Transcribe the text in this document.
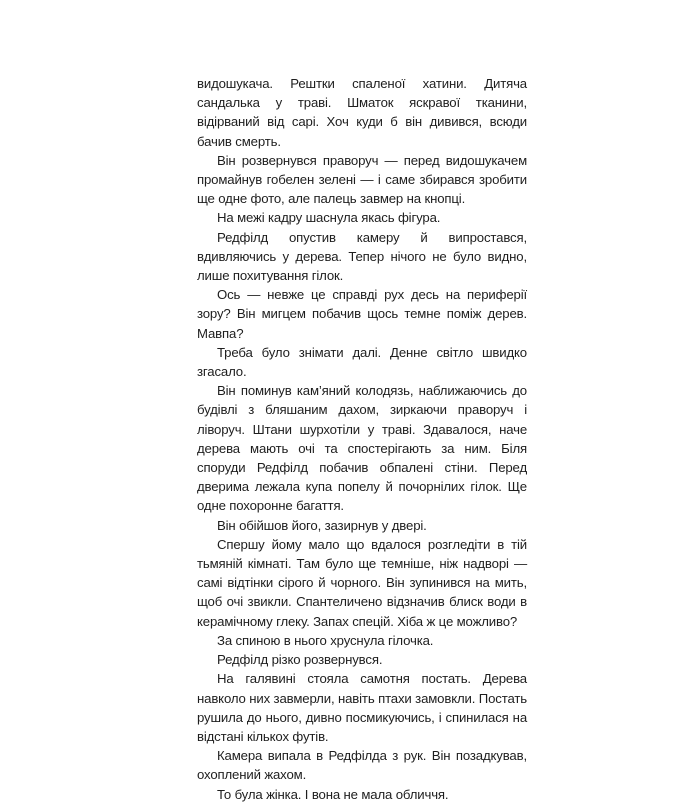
видошукача. Рештки спаленої хатини. Дитяча сандалька у траві. Шматок яскравої тканини, відірваний від сарі. Хоч куди б він дивився, всюди бачив смерть.

Він розвернувся праворуч — перед видошукачем промайнув гобелен зелені — і саме збирався зробити ще одне фото, але палець завмер на кнопці.

На межі кадру шаснула якась фігура.

Редфілд опустив камеру й випростався, вдивляючись у дерева. Тепер нічого не було видно, лише похитування гілок.

Ось — невже це справді рух десь на периферії зору? Він мигцем побачив щось темне поміж дерев. Мавпа?

Треба було знімати далі. Денне світло швидко згасало.

Він поминув кам’яний колодязь, наближаючись до будівлі з бляшаним дахом, зиркаючи праворуч і ліворуч. Штани шурхотіли у траві. Здавалося, наче дерева мають очі та спостерігають за ним. Біля споруди Редфілд побачив обпалені стіни. Перед дверима лежала купа попелу й почорнілих гілок. Ще одне похоронне багаття.

Він обійшов його, зазирнув у двері.

Спершу йому мало що вдалося розгледіти в тій тьмяній кімнаті. Там було ще темніше, ніж надворі — самі відтінки сірого й чорного. Він зупинився на мить, щоб очі звикли. Спантеличено відзначив блиск води в керамічному глеку. Запах спецій. Хіба ж це можливо?

За спиною в нього хруснула гілочка.

Редфілд різко розвернувся.

На галявині стояла самотня постать. Дерева навколо них завмерли, навіть птахи замовкли. Постать рушила до нього, дивно посмикуючись, і спинилася на відстані кількох футів.

Камера випала в Редфілда з рук. Він позадкував, охоплений жахом.

То була жінка. І вона не мала обличчя.
